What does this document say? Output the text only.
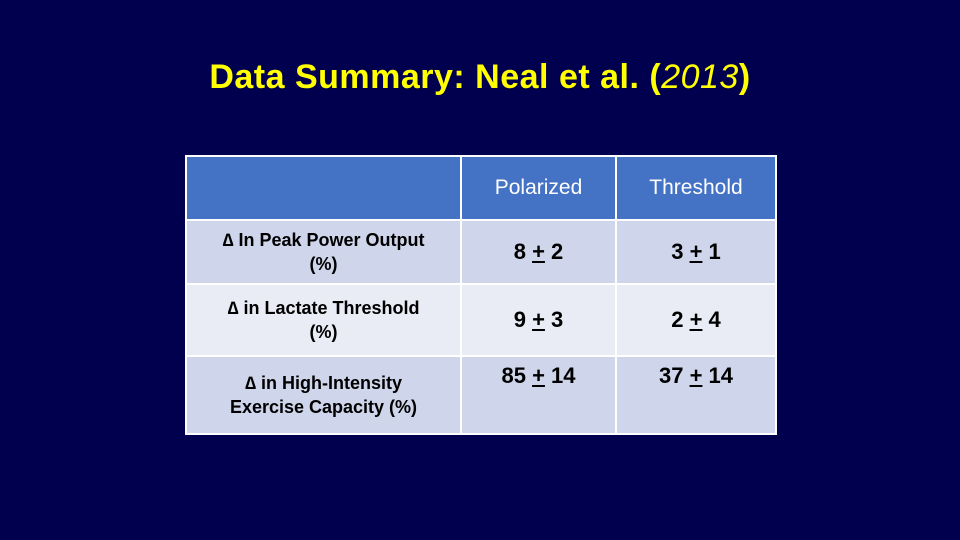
Data Summary: Neal et al. (2013)
	Polarized	Threshold
∆ In Peak Power Output
(%)	8 + 2	3 + 1
∆ in Lactate Threshold
(%)	9 + 3	2 + 4
∆ in High-Intensity
Exercise Capacity (%)	85 + 14	37 + 14
